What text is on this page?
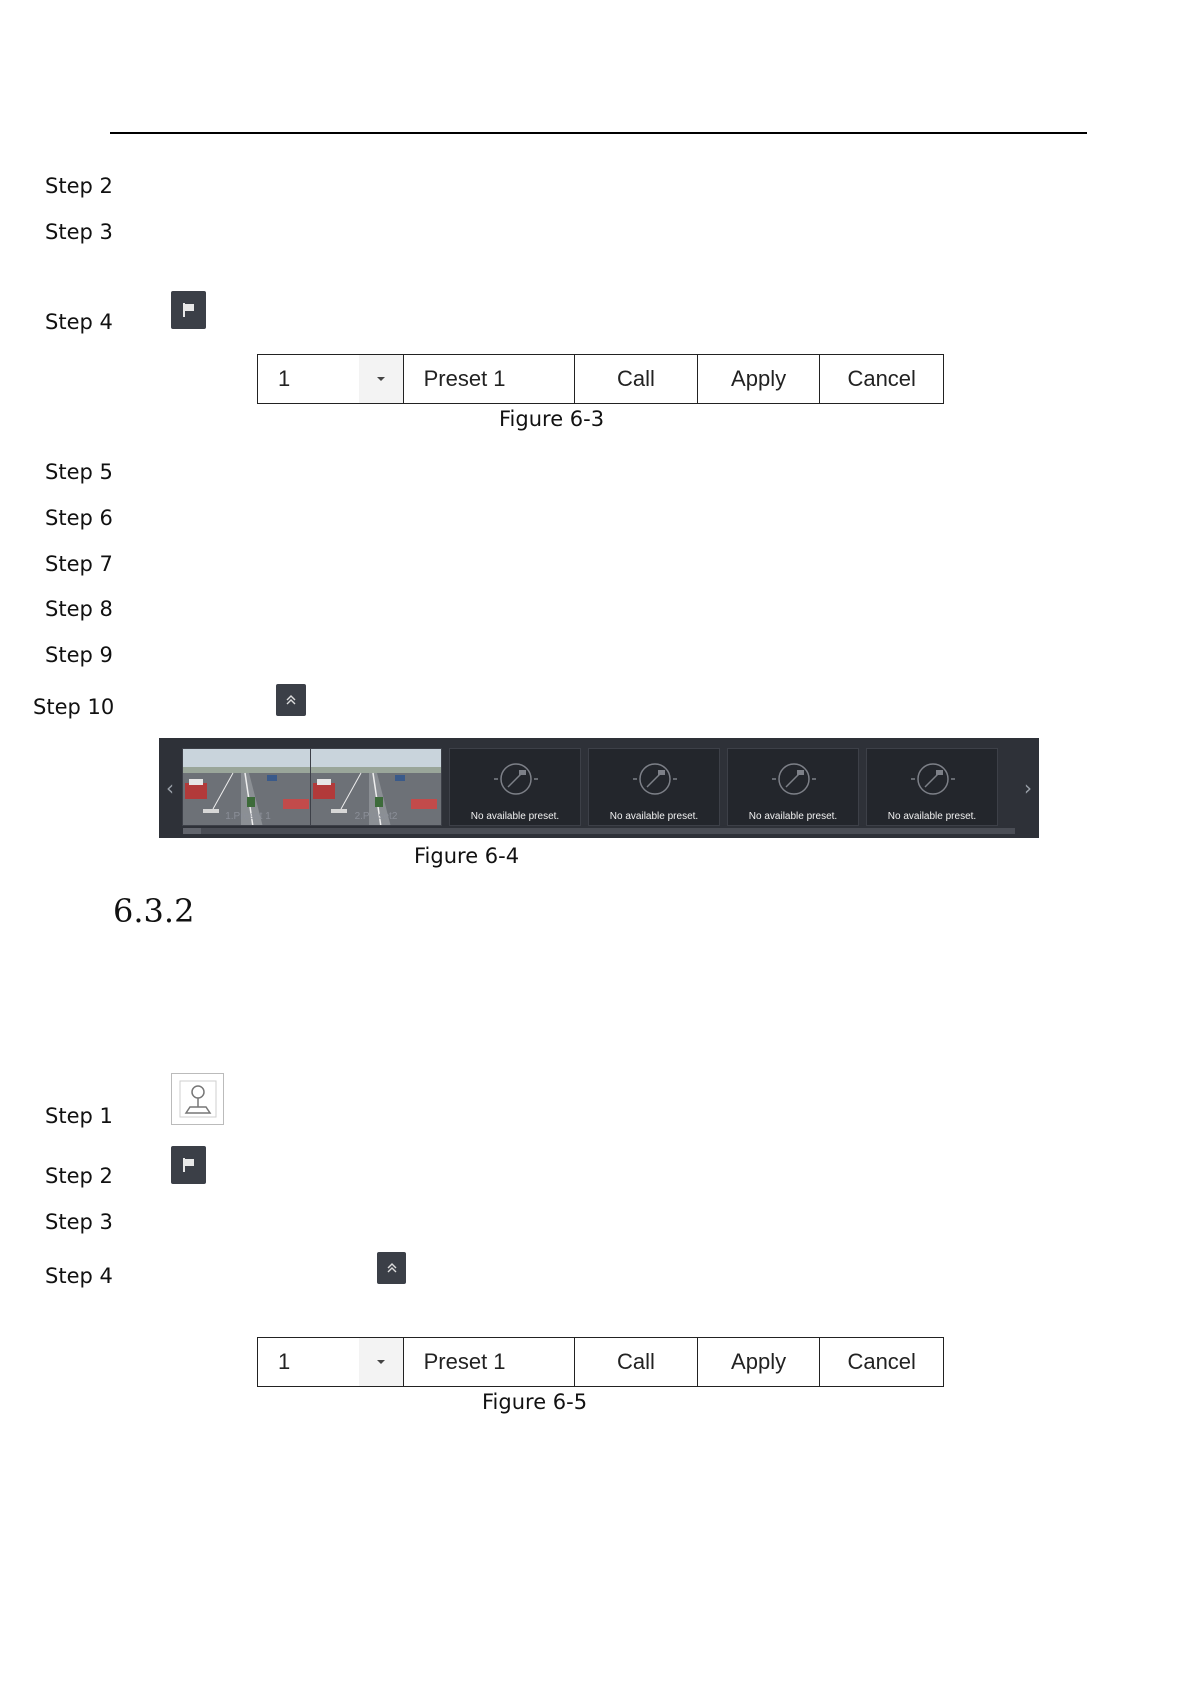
Step 2
Step 3
Step 4
1	Preset 1	Call	Apply	Cancel
Figure 6-3
Step 5
Step 6
Step 7
Step 8
Step 9
Step 10
‹
1.Preset 1	2.Preset2	No available preset.	No available preset.	No available preset.	No available preset.
›
Figure 6-4
6.3.2
Step 1
Step 2
Step 3
Step 4
1	Preset 1	Call	Apply	Cancel
Figure 6-5
